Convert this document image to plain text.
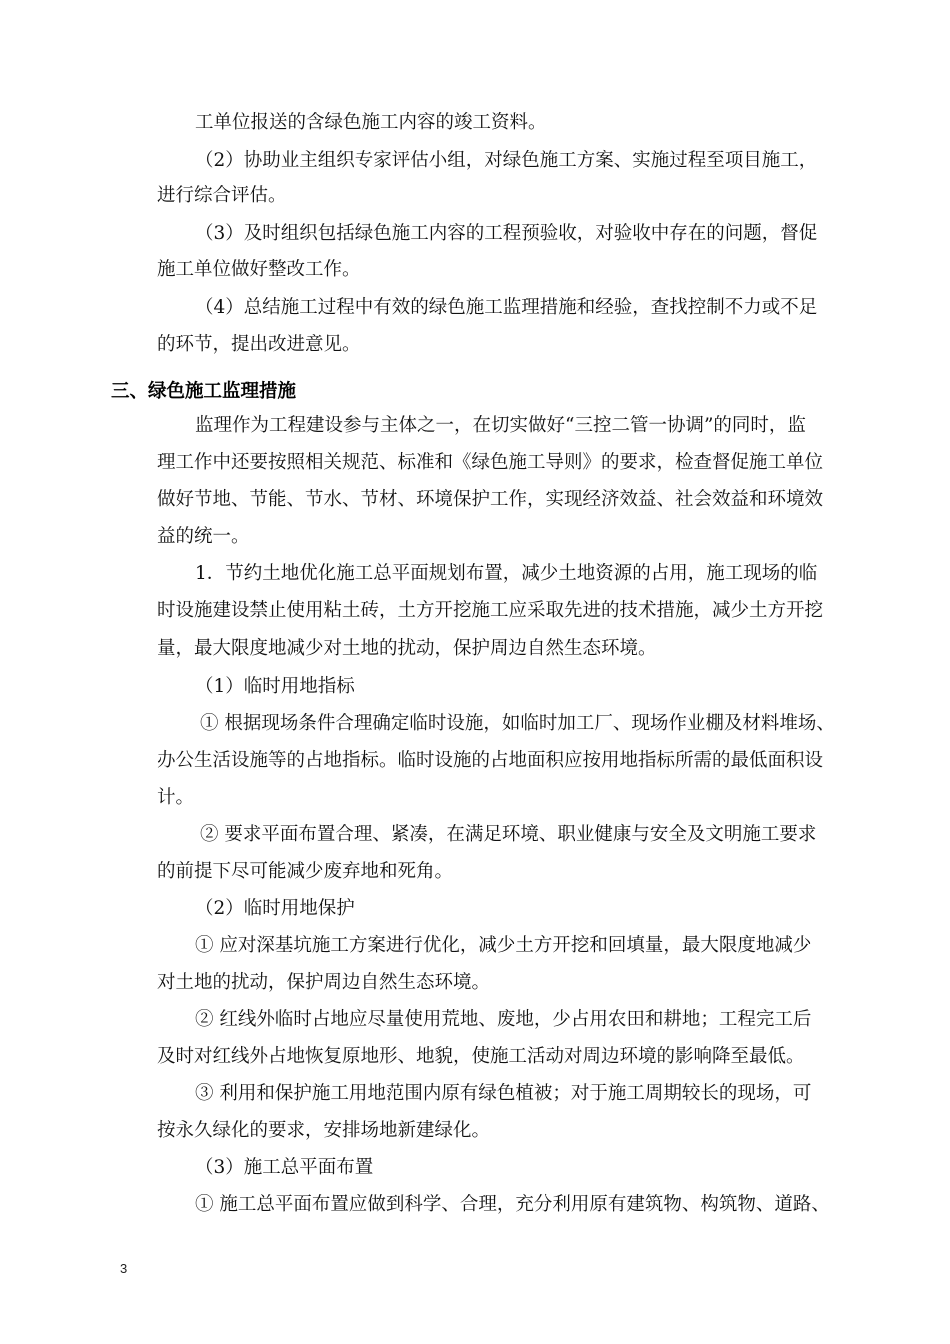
工单位报送的含绿色施工内容的竣工资料。

（2）协助业主组织专家评估小组，对绿色施工方案、实施过程至项目施工，

进行综合评估。

（3）及时组织包括绿色施工内容的工程预验收，对验收中存在的问题，督促

施工单位做好整改工作。

（4）总结施工过程中有效的绿色施工监理措施和经验，查找控制不力或不足

的环节，提出改进意见。

三、绿色施工监理措施

监理作为工程建设参与主体之一，在切实做好“三控二管一协调”的同时，监

理工作中还要按照相关规范、标准和《绿色施工导则》的要求，检查督促施工单位

做好节地、节能、节水、节材、环境保护工作，实现经济效益、社会效益和环境效

益的统一。

1．节约土地优化施工总平面规划布置，减少土地资源的占用，施工现场的临

时设施建设禁止使用粘土砖，土方开挖施工应采取先进的技术措施，减少土方开挖

量，最大限度地减少对土地的扰动，保护周边自然生态环境。

（1）临时用地指标

① 根据现场条件合理确定临时设施，如临时加工厂、现场作业棚及材料堆场、

办公生活设施等的占地指标。临时设施的占地面积应按用地指标所需的最低面积设

计。

② 要求平面布置合理、紧凑，在满足环境、职业健康与安全及文明施工要求

的前提下尽可能减少废弃地和死角。

（2）临时用地保护

① 应对深基坑施工方案进行优化，减少土方开挖和回填量，最大限度地减少

对土地的扰动，保护周边自然生态环境。

② 红线外临时占地应尽量使用荒地、废地，少占用农田和耕地；工程完工后

及时对红线外占地恢复原地形、地貌，使施工活动对周边环境的影响降至最低。

③ 利用和保护施工用地范围内原有绿色植被；对于施工周期较长的现场，可

按永久绿化的要求，安排场地新建绿化。

（3）施工总平面布置

① 施工总平面布置应做到科学、合理，充分利用原有建筑物、构筑物、道路、

3
